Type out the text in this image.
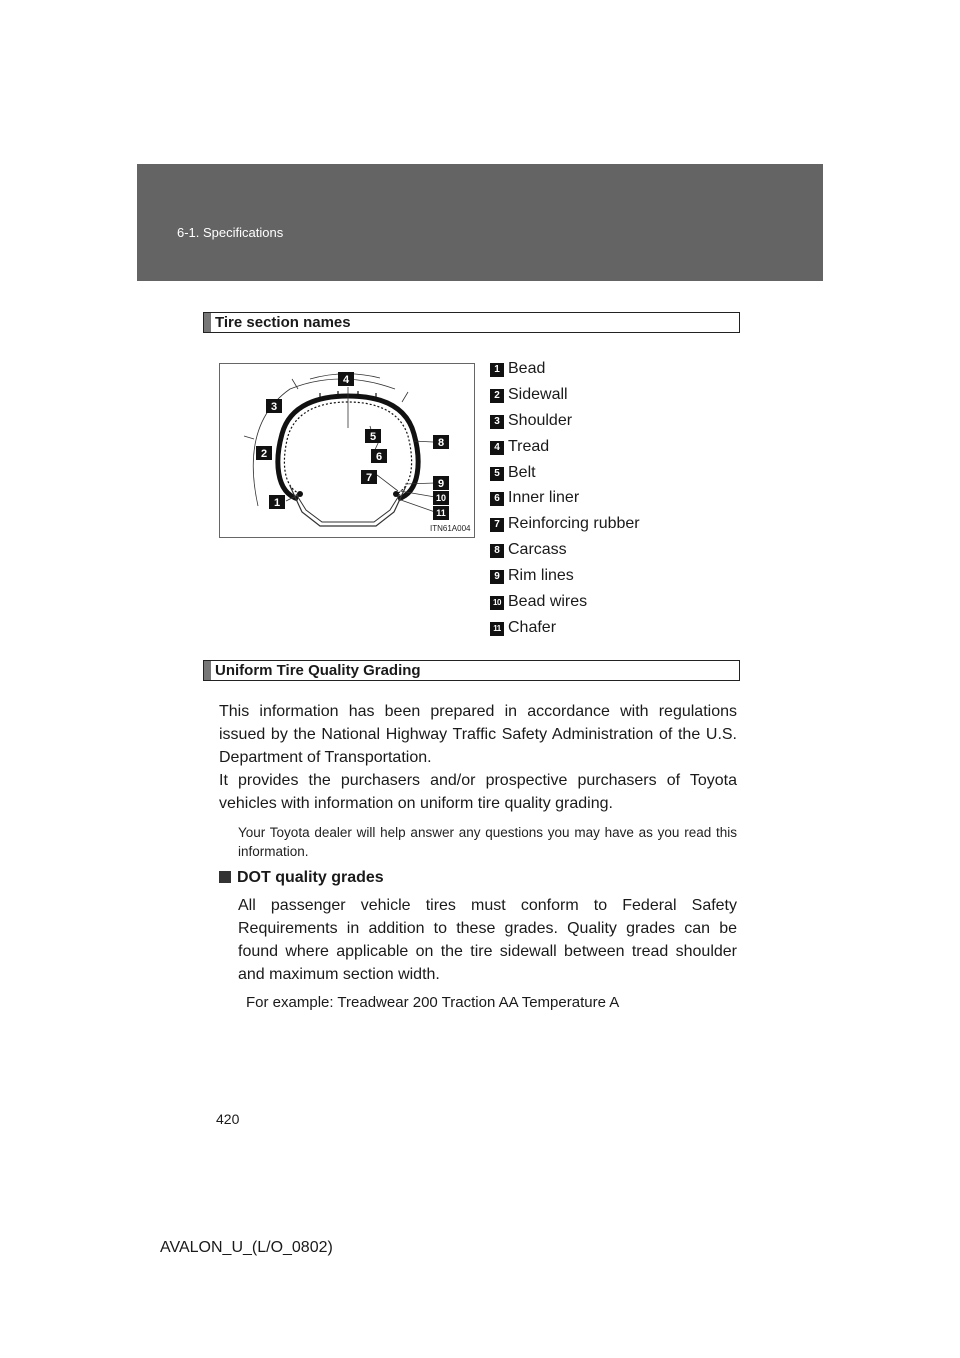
6-1. Specifications
Tire section names
4
3
5	8
2	6
7	9
10
1
11
ITN61A004
1 Bead
2 Sidewall
3 Shoulder
4 Tread
5 Belt
6 Inner liner
7 Reinforcing rubber
8 Carcass
9 Rim lines
10 Bead wires
11 Chafer
Uniform Tire Quality Grading
This information has been prepared in accordance with regulations issued by the National Highway Traffic Safety Administration of the U.S. Department of Transportation.
It provides the purchasers and/or prospective purchasers of Toyota vehicles with information on uniform tire quality grading.
Your Toyota dealer will help answer any questions you may have as you read this information.
DOT quality grades
All passenger vehicle tires must conform to Federal Safety Requirements in addition to these grades. Quality grades can be found where applicable on the tire sidewall between tread shoulder and maximum section width.
For example: Treadwear 200 Traction AA Temperature A
420
AVALON_U_(L/O_0802)
